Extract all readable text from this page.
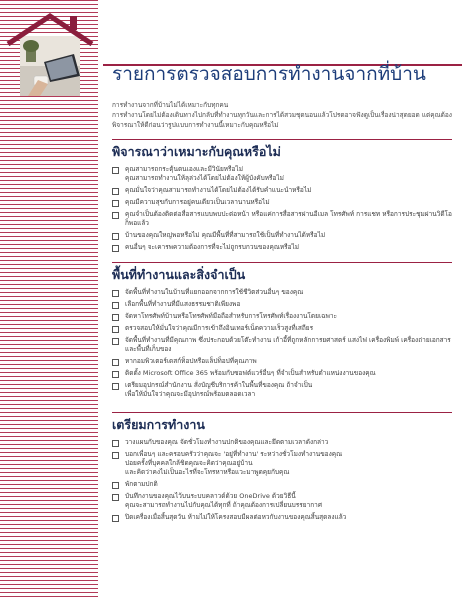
รายการตรวจสอบการทำงานจากที่บ้าน

การทำงานจากที่บ้านไม่ได้เหมาะกับทุกคน

การทำงานโดยไม่ต้องเดินทางไปกลับที่ทำงานทุกวันและการได้สวมชุดนอนแล้วโปรดอาจฟังดูเป็นเรื่องน่าสุดยอด แต่คุณต้องพิจารณาให้ดีก่อนว่ารูปแบบการทำงานนี้เหมาะกับคุณหรือไม่

พิจารณาว่าเหมาะกับคุณหรือไม่
คุณสามารถกระตุ้นตนเองและมีวินัยหรือไม่
คุณสามารถทำงานให้ลุล่วงได้โดยไม่ต้องให้ผู้บังคับหรือไม่
คุณมั่นใจว่าคุณสามารถทำงานได้โดยไม่ต้องได้รับคำแนะนำหรือไม่
คุณมีความสุขกับการอยู่คนเดียวเป็นเวลานานหรือไม่
คุณจำเป็นต้องติดต่อสื่อสารแบบพบปะต่อหน้า หรือแค่การสื่อสารผ่านอีเมล โทรศัพท์ การแชท หรือการประชุมผ่านวิดีโอก็พอแล้ว
บ้านของคุณใหญ่พอหรือไม่ คุณมีพื้นที่ที่สามารถใช้เป็นที่ทำงานได้หรือไม่
คนอื่นๆ จะเคารพความต้องการที่จะไม่ถูกรบกวนของคุณหรือไม่
พื้นที่ทำงานและสิ่งจำเป็น
จัดพื้นที่ทำงานในบ้านที่แยกออกจากการใช้ชีวิตส่วนอื่นๆ ของคุณ
เลือกพื้นที่ทำงานที่มีแสงธรรมชาติเพียงพอ
จัดหาโทรศัพท์บ้านหรือโทรศัพท์มือถือสำหรับการโทรศัพท์เรื่องงานโดยเฉพาะ
ตรวจสอบให้มั่นใจว่าคุณมีการเข้าถึงอินเทอร์เน็ตความเร็วสูงที่เสถียร
จัดพื้นที่ทำงานที่มีคุณภาพ ซึ่งประกอบด้วยโต๊ะทำงาน เก้าอี้ที่ถูกหลักการยศาสตร์ แสงไฟ เครื่องพิมพ์ เครื่องถ่ายเอกสาร และพื้นที่เก็บของ
หากอมพิวเตอร์เดสก์ท็อปหรือแล็ปท็อปที่คุณภาพ
ติดตั้ง Microsoft Office 365 พร้อมกับซอฟต์แวร์อื่นๆ ที่จำเป็นสำหรับตำแหน่งงานของคุณ
เตรียมอุปกรณ์สำนักงาน สั่งบัญชีบริการค้าในพื้นที่ของคุณ ถ้าจำเป็น
เพื่อให้มั่นใจว่าคุณจะมีอุปกรณ์พร้อมตลอดเวลา
เตรียมการทำงาน
วางแผนกับของคุณ จัดชั่วโมงทำงานปกติของคุณและยึดตามเวลาดังกล่าว
บอกเพื่อนๆ และครอบครัวว่าคุณจะ 'อยู่ที่ทำงาน' ระหว่างชั่วโมงทำงานของคุณ
ปอยครั้งที่บุคคลใกล้ชิดคุณจะคิดว่าคุณอยู่บ้าน
และคิดว่าคงไม่เป็นอะไรที่จะโทรหาหรือแวะมาพูดคุยกับคุณ
พักตามปกติ
บันทึกงานของคุณไว้บนระบบคลาวด์ด้วย OneDrive ด้วยวิธีนี้
คุณจะสามารถทำงานไปกับคุณได้ทุกที่ ถ้าคุณต้องการเปลี่ยนบรรยากาศ
ปิดเครื่องเมื่อสิ้นสุดวัน ห้ามไม่ให้โครงสอบมีผลต่อหวกับงานของคุณสิ้นสุดลงแล้ว
